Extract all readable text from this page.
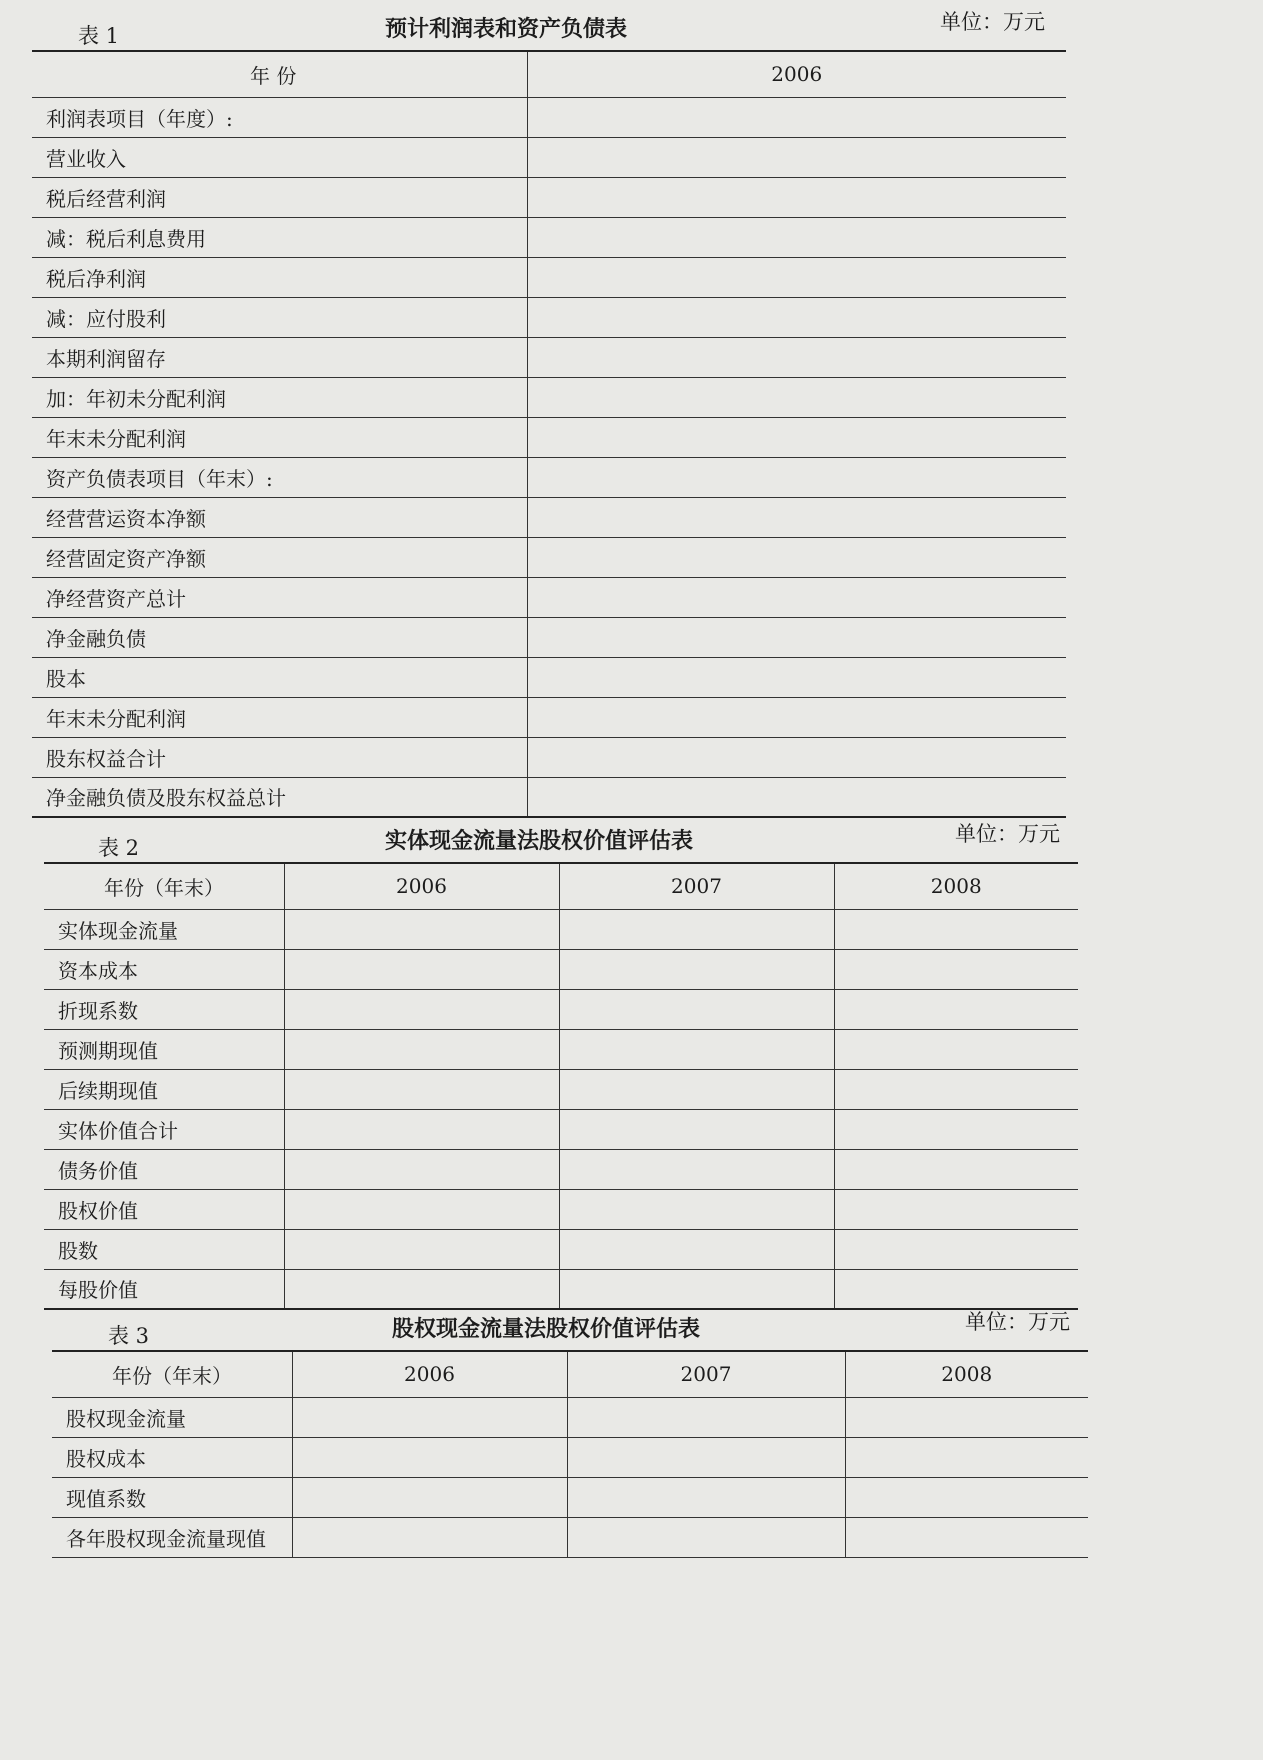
表 1	预计利润表和资产负债表	单位：万元
年 份		2006
利润表项目（年度）:		
营业收入		
税后经营利润		
减：税后利息费用		
税后净利润		
减：应付股利		
本期利润留存		
加：年初未分配利润		
年末未分配利润		
资产负债表项目（年末）:		
经营营运资本净额		
经营固定资产净额		
净经营资产总计		
净金融负债		
股本		
年末未分配利润		
股东权益合计		
净金融负债及股东权益总计		
表 2	实体现金流量法股权价值评估表	单位：万元
年份（年末）	2006	2007	2008
实体现金流量			
资本成本			
折现系数			
预测期现值			
后续期现值			
实体价值合计			
债务价值			
股权价值			
股数			
每股价值			
表 3	股权现金流量法股权价值评估表	单位：万元
年份（年末）	2006	2007	2008
股权现金流量			
股权成本			
现值系数			
各年股权现金流量现值			
